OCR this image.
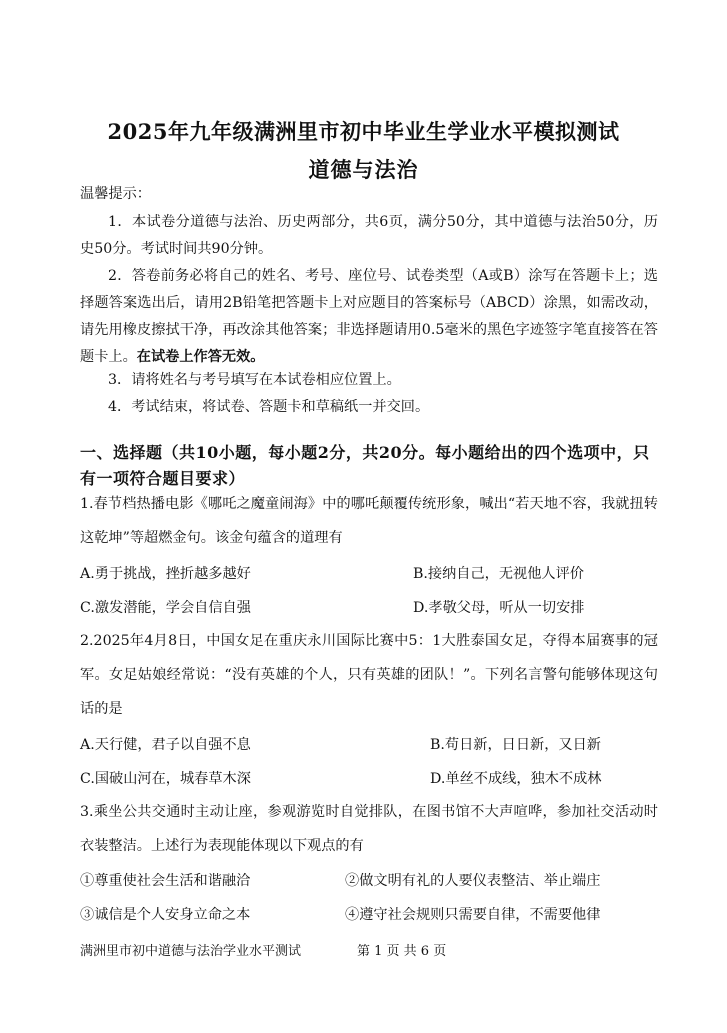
2025年九年级满洲里市初中毕业生学业水平模拟测试
道德与法治
温馨提示：
1．本试卷分道德与法治、历史两部分，共6页，满分50分，其中道德与法治50分，历史50分。考试时间共90分钟。
2．答卷前务必将自己的姓名、考号、座位号、试卷类型（A或B）涂写在答题卡上；选择题答案选出后，请用2B铅笔把答题卡上对应题目的答案标号（ABCD）涂黑，如需改动，请先用橡皮擦拭干净，再改涂其他答案；非选择题请用0.5毫米的黑色字迹签字笔直接答在答题卡上。在试卷上作答无效。
3．请将姓名与考号填写在本试卷相应位置上。
4．考试结束，将试卷、答题卡和草稿纸一并交回。
一、选择题（共10小题，每小题2分，共20分。每小题给出的四个选项中，只有一项符合题目要求）
1.春节档热播电影《哪吒之魔童闹海》中的哪吒颠覆传统形象，喊出“若天地不容，我就扭转这乾坤”等超燃金句。该金句蕴含的道理有
A.勇于挑战，挫折越多越好	B.接纳自己，无视他人评价
C.激发潜能，学会自信自强	D.孝敬父母，听从一切安排
2.2025年4月8日，中国女足在重庆永川国际比赛中5：1大胜泰国女足，夺得本届赛事的冠军。女足姑娘经常说：“没有英雄的个人，只有英雄的团队！”。下列名言警句能够体现这句话的是
A.天行健，君子以自强不息	B.苟日新，日日新，又日新
C.国破山河在，城春草木深	D.单丝不成线，独木不成林
3.乘坐公共交通时主动让座，参观游览时自觉排队，在图书馆不大声喧哗，参加社交活动时衣装整洁。上述行为表现能体现以下观点的有
①尊重使社会生活和谐融洽	②做文明有礼的人要仪表整洁、举止端庄
③诚信是个人安身立命之本	④遵守社会规则只需要自律，不需要他律
满洲里市初中道德与法治学业水平测试	第 1 页 共 6 页
